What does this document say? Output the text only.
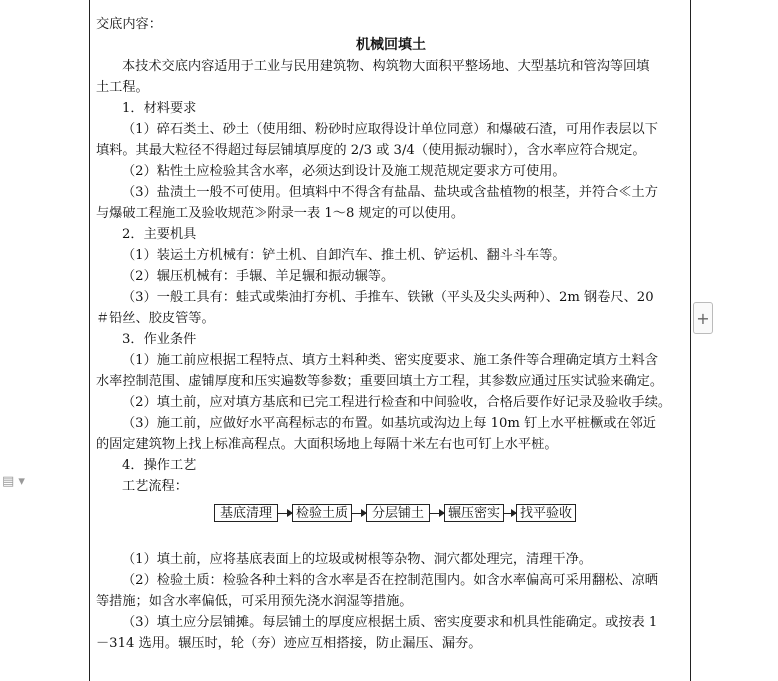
交底内容：
机械回填土
本技术交底内容适用于工业与民用建筑物、构筑物大面积平整场地、大型基坑和管沟等回填
土工程。
1．材料要求
（1）碎石类土、砂土（使用细、粉砂时应取得设计单位同意）和爆破石渣，可用作表层以下
填料。其最大粒径不得超过每层铺填厚度的 2/3 或 3/4（使用振动辗时），含水率应符合规定。
（2）粘性土应检验其含水率，必须达到设计及施工规范规定要求方可使用。
（3）盐渍土一般不可使用。但填料中不得含有盐晶、盐块或含盐植物的根茎，并符合≪土方
与爆破工程施工及验收规范≫附录一表 1～8 规定的可以使用。
2．主要机具
（1）装运土方机械有：铲土机、自卸汽车、推土机、铲运机、翻斗斗车等。
（2）辗压机械有：手辗、羊足辗和振动辗等。
（3）一般工具有：蛙式或柴油打夯机、手推车、铁锹（平头及尖头两种）、2m 钢卷尺、20
＃铅丝、胶皮管等。
3．作业条件
（1）施工前应根据工程特点、填方土料种类、密实度要求、施工条件等合理确定填方土料含
水率控制范围、虚铺厚度和压实遍数等参数；重要回填土方工程，其参数应通过压实试验来确定。
（2）填土前，应对填方基底和已完工程进行检查和中间验收，合格后要作好记录及验收手续。
（3）施工前，应做好水平高程标志的布置。如基坑或沟边上每 10m 钉上水平桩橛或在邻近
的固定建筑物上找上标准高程点。大面积场地上每隔十米左右也可钉上水平桩。
4．操作工艺
工艺流程：
基底清理	检验土质	分层铺土	辗压密实	找平验收
（1）填土前，应将基底表面上的垃圾或树根等杂物、洞穴都处理完，清理干净。
（2）检验土质：检验各种土料的含水率是否在控制范围内。如含水率偏高可采用翻松、凉晒
等措施；如含水率偏低，可采用预先浇水润湿等措施。
（3）填土应分层铺摊。每层铺土的厚度应根据土质、密实度要求和机具性能确定。或按表 1
－314 选用。辗压时，轮（夯）迹应互相搭接，防止漏压、漏夯。
+
▤ ▾
